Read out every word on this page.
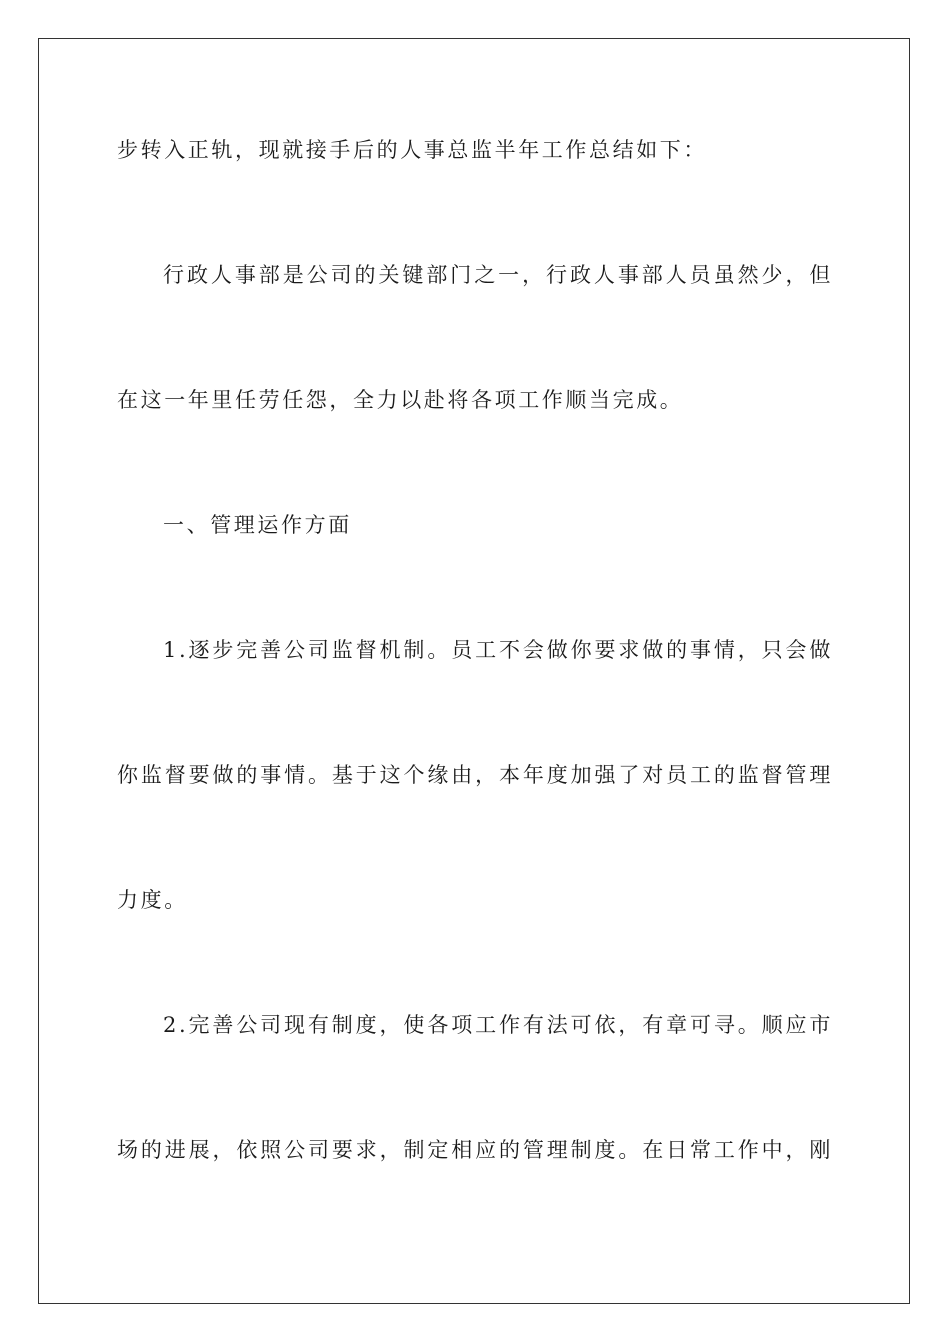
步转入正轨，现就接手后的人事总监半年工作总结如下：
行政人事部是公司的关键部门之一，行政人事部人员虽然少，但
在这一年里任劳任怨，全力以赴将各项工作顺当完成。
一、管理运作方面
1.逐步完善公司监督机制。员工不会做你要求做的事情，只会做
你监督要做的事情。基于这个缘由，本年度加强了对员工的监督管理
力度。
2.完善公司现有制度，使各项工作有法可依，有章可寻。顺应市
场的进展，依照公司要求，制定相应的管理制度。在日常工作中，刚
